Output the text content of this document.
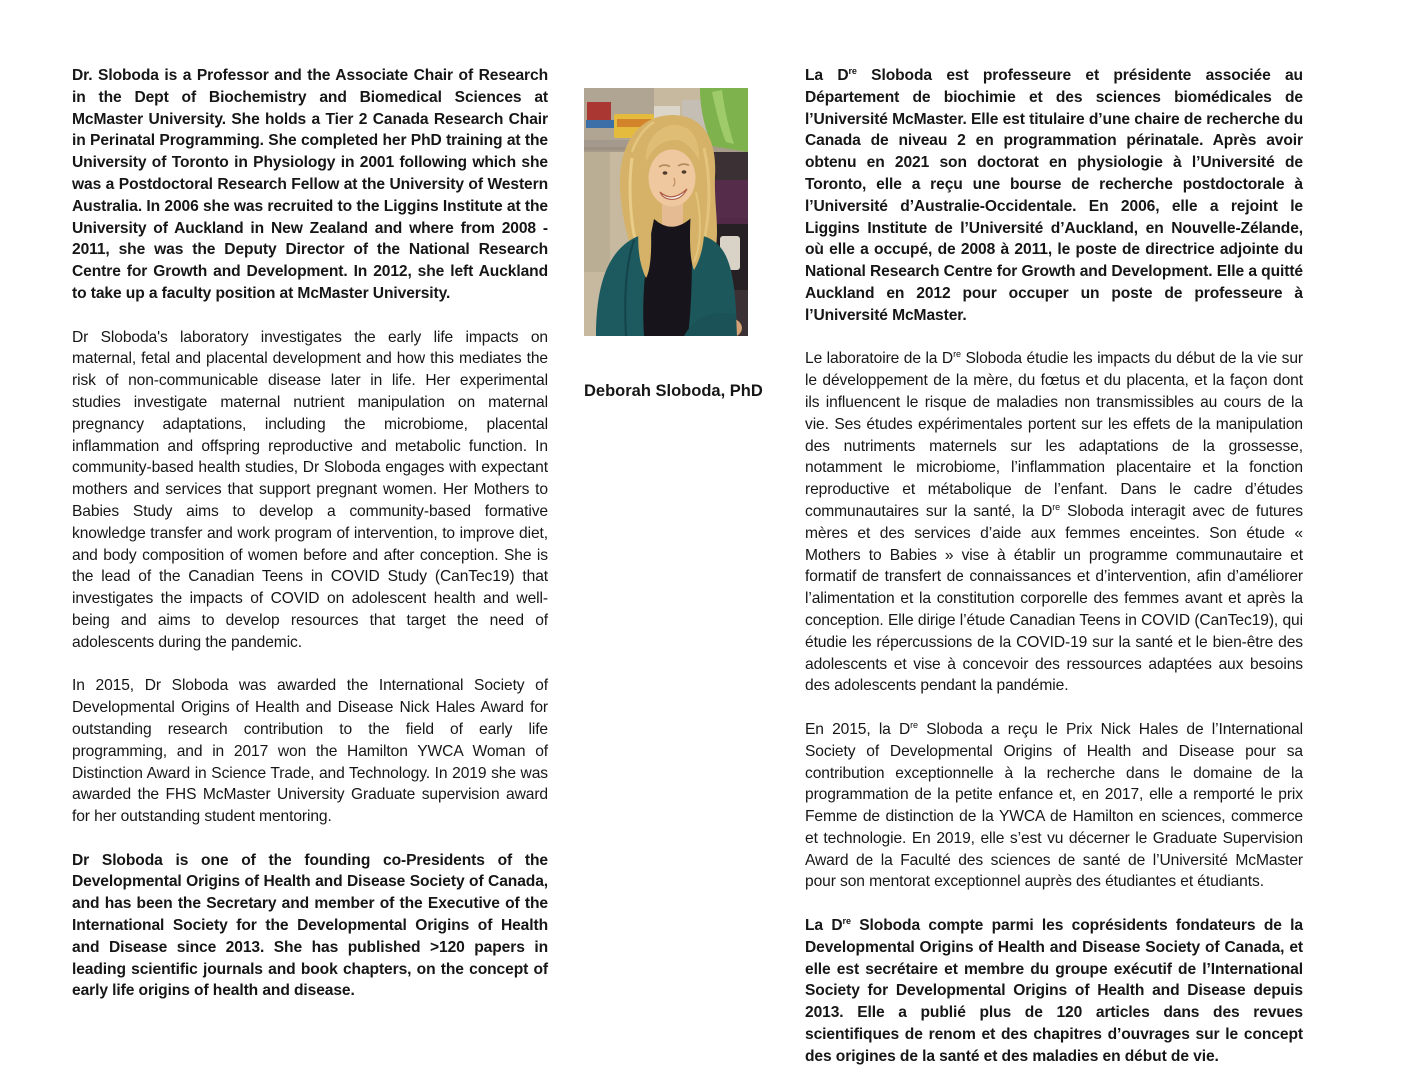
Dr. Sloboda is a Professor and the Associate Chair of Research in the Dept of Biochemistry and Biomedical Sciences at McMaster University. She holds a Tier 2 Canada Research Chair in Perinatal Programming. She completed her PhD training at the University of Toronto in Physiology in 2001 following which she was a Postdoctoral Research Fellow at the University of Western Australia. In 2006 she was recruited to the Liggins Institute at the University of Auckland in New Zealand and where from 2008 - 2011, she was the Deputy Director of the National Research Centre for Growth and Development. In 2012, she left Auckland to take up a faculty position at McMaster University.

Dr Sloboda's laboratory investigates the early life impacts on maternal, fetal and placental development and how this mediates the risk of non-communicable disease later in life. Her experimental studies investigate maternal nutrient manipulation on maternal pregnancy adaptations, including the microbiome, placental inflammation and offspring reproductive and metabolic function. In community-based health studies, Dr Sloboda engages with expectant mothers and services that support pregnant women. Her Mothers to Babies Study aims to develop a community-based formative knowledge transfer and work program of intervention, to improve diet, and body composition of women before and after conception. She is the lead of the Canadian Teens in COVID Study (CanTec19) that investigates the impacts of COVID on adolescent health and well-being and aims to develop resources that target the need of adolescents during the pandemic.

In 2015, Dr Sloboda was awarded the International Society of Developmental Origins of Health and Disease Nick Hales Award for outstanding research contribution to the field of early life programming, and in 2017 won the Hamilton YWCA Woman of Distinction Award in Science Trade, and Technology. In 2019 she was awarded the FHS McMaster University Graduate supervision award for her outstanding student mentoring.

Dr Sloboda is one of the founding co-Presidents of the Developmental Origins of Health and Disease Society of Canada, and has been the Secretary and member of the Executive of the International Society for the Developmental Origins of Health and Disease since 2013. She has published >120 papers in leading scientific journals and book chapters, on the concept of early life origins of health and disease.

Deborah Sloboda, PhD

La Dre Sloboda est professeure et présidente associée au Département de biochimie et des sciences biomédicales de l’Université McMaster. Elle est titulaire d’une chaire de recherche du Canada de niveau 2 en programmation périnatale. Après avoir obtenu en 2021 son doctorat en physiologie à l’Université de Toronto, elle a reçu une bourse de recherche postdoctorale à l’Université d’Australie-Occidentale. En 2006, elle a rejoint le Liggins Institute de l’Université d’Auckland, en Nouvelle-Zélande, où elle a occupé, de 2008 à 2011, le poste de directrice adjointe du National Research Centre for Growth and Development. Elle a quitté Auckland en 2012 pour occuper un poste de professeure à l’Université McMaster.

Le laboratoire de la Dre Sloboda étudie les impacts du début de la vie sur le développement de la mère, du fœtus et du placenta, et la façon dont ils influencent le risque de maladies non transmissibles au cours de la vie. Ses études expérimentales portent sur les effets de la manipulation des nutriments maternels sur les adaptations de la grossesse, notamment le microbiome, l’inflammation placentaire et la fonction reproductive et métabolique de l’enfant. Dans le cadre d’études communautaires sur la santé, la Dre Sloboda interagit avec de futures mères et des services d’aide aux femmes enceintes. Son étude « Mothers to Babies » vise à établir un programme communautaire et formatif de transfert de connaissances et d’intervention, afin d’améliorer l’alimentation et la constitution corporelle des femmes avant et après la conception. Elle dirige l’étude Canadian Teens in COVID (CanTec19), qui étudie les répercussions de la COVID-19 sur la santé et le bien-être des adolescents et vise à concevoir des ressources adaptées aux besoins des adolescents pendant la pandémie.

En 2015, la Dre Sloboda a reçu le Prix Nick Hales de l’International Society of Developmental Origins of Health and Disease pour sa contribution exceptionnelle à la recherche dans le domaine de la programmation de la petite enfance et, en 2017, elle a remporté le prix Femme de distinction de la YWCA de Hamilton en sciences, commerce et technologie. En 2019, elle s’est vu décerner le Graduate Supervision Award de la Faculté des sciences de santé de l’Université McMaster pour son mentorat exceptionnel auprès des étudiantes et étudiants.

La Dre Sloboda compte parmi les coprésidents fondateurs de la Developmental Origins of Health and Disease Society of Canada, et elle est secrétaire et membre du groupe exécutif de l’International Society for Developmental Origins of Health and Disease depuis 2013. Elle a publié plus de 120 articles dans des revues scientifiques de renom et des chapitres d’ouvrages sur le concept des origines de la santé et des maladies en début de vie.
